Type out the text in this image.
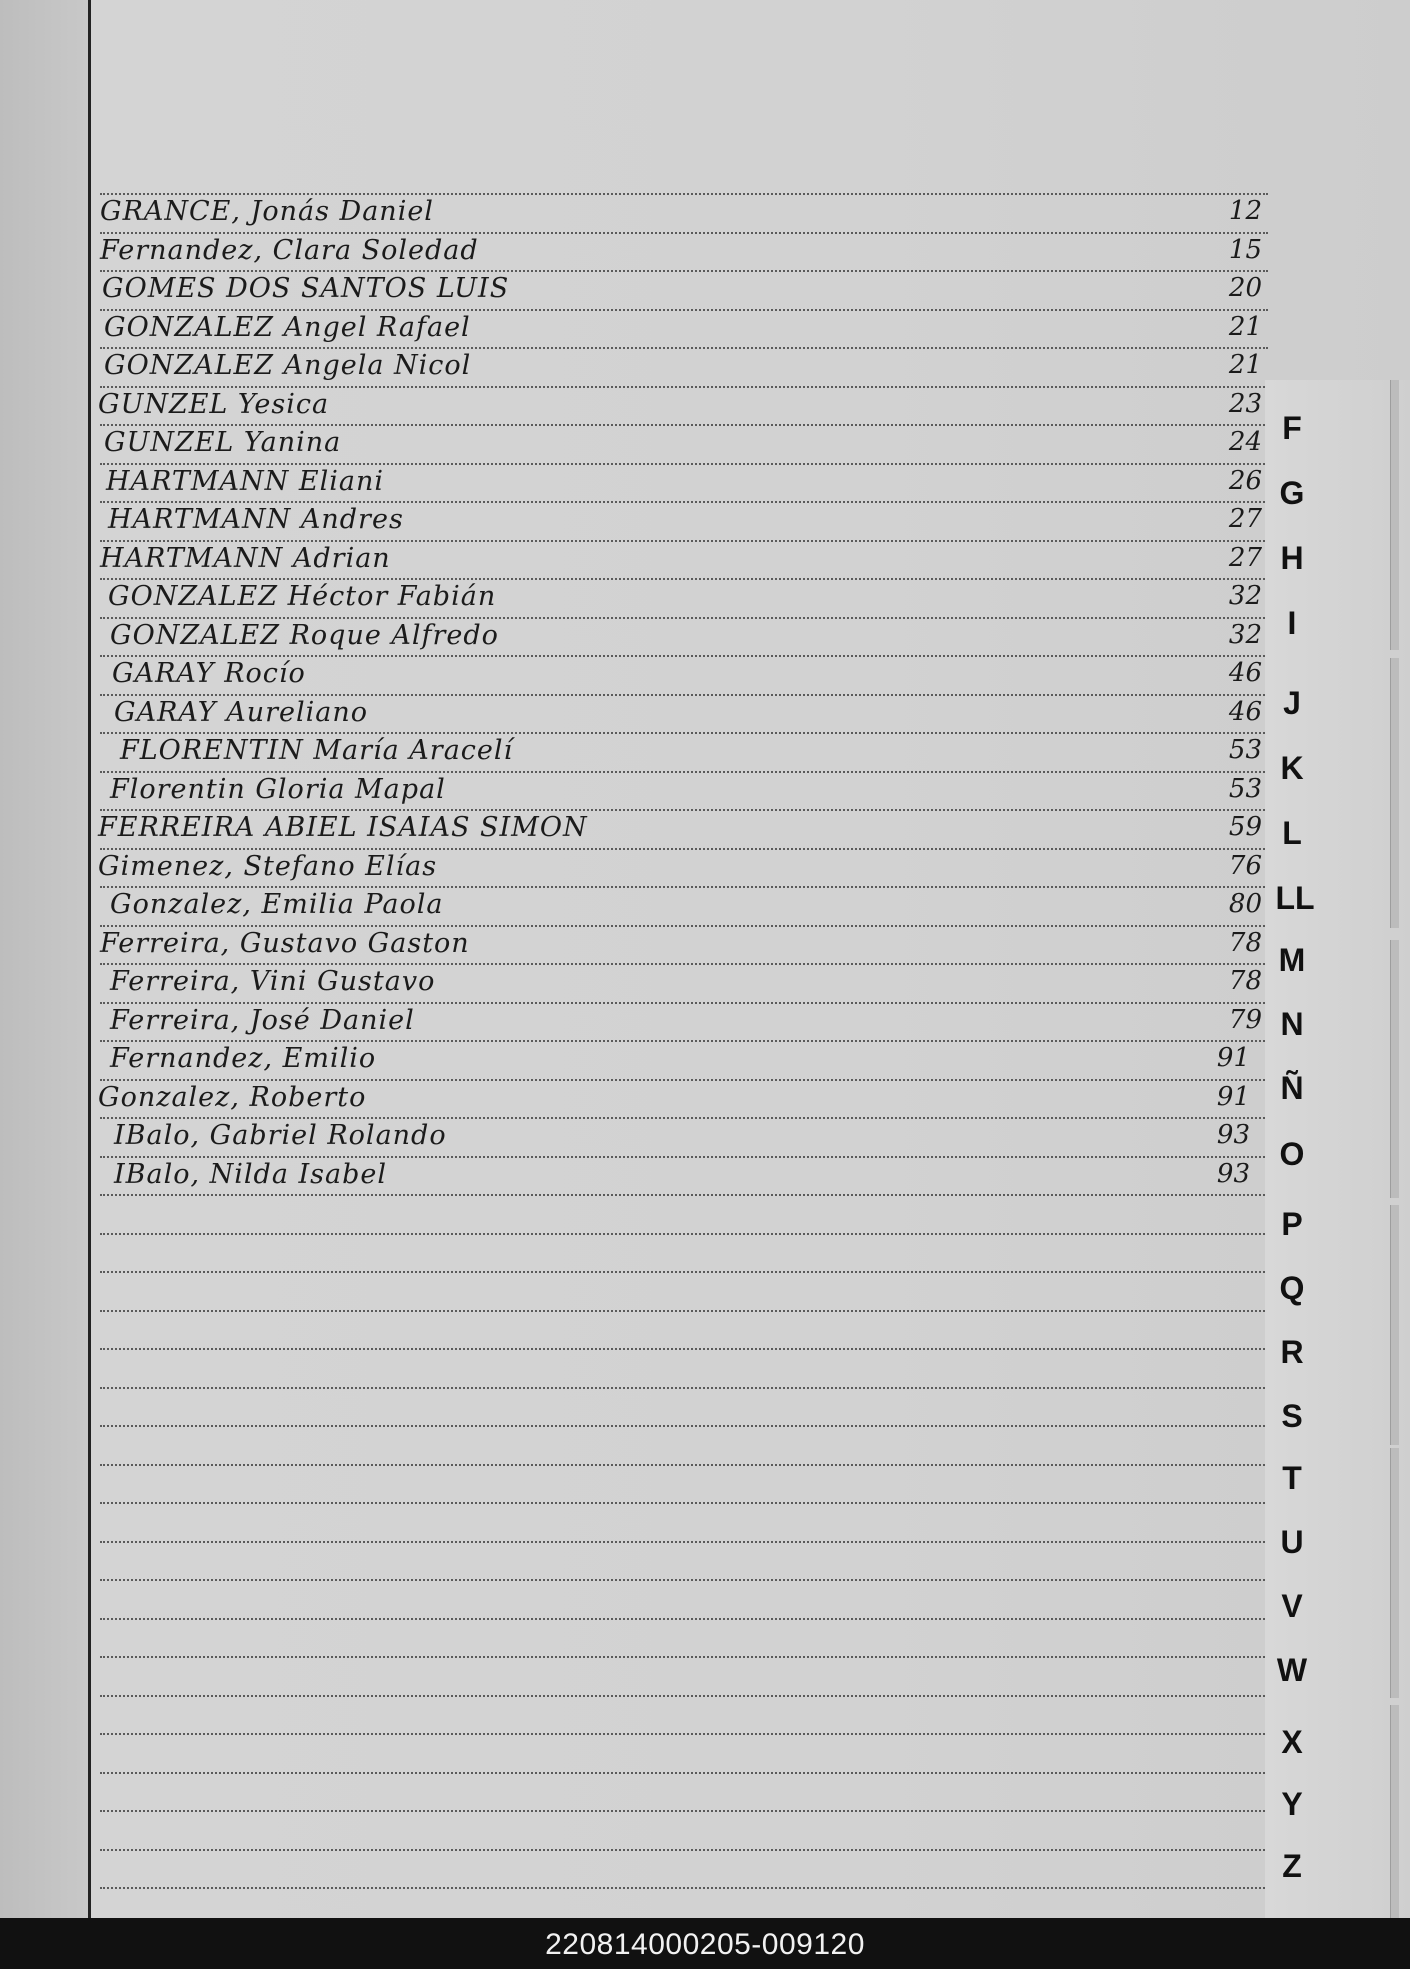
GRANCE, Jonás Daniel	12
Fernandez, Clara Soledad	15
GOMES DOS SANTOS LUIS	20
GONZALEZ Angel Rafael	21
GONZALEZ Angela Nicol	21
GUNZEL Yesica	23
GUNZEL Yanina	24
HARTMANN Eliani	26
HARTMANN Andres	27
HARTMANN Adrian	27
GONZALEZ Héctor Fabián	32
GONZALEZ Roque Alfredo	32
GARAY Rocío	46
GARAY Aureliano	46
FLORENTIN María Aracelí	53
Florentin Gloria Mapal	53
FERREIRA ABIEL ISAIAS SIMON	59
Gimenez, Stefano Elías	76
Gonzalez, Emilia Paola	80
Ferreira, Gustavo Gaston	78
Ferreira, Vini Gustavo	78
Ferreira, José Daniel	79
Fernandez, Emilio	91
Gonzalez, Roberto	91
IBalo, Gabriel Rolando	93
IBalo, Nilda Isabel	93
F
G
H
I
J
K
L
LL
M
N
Ñ
O
P
Q
R
S
T
U
V
W
X
Y
Z
220814000205-009120
